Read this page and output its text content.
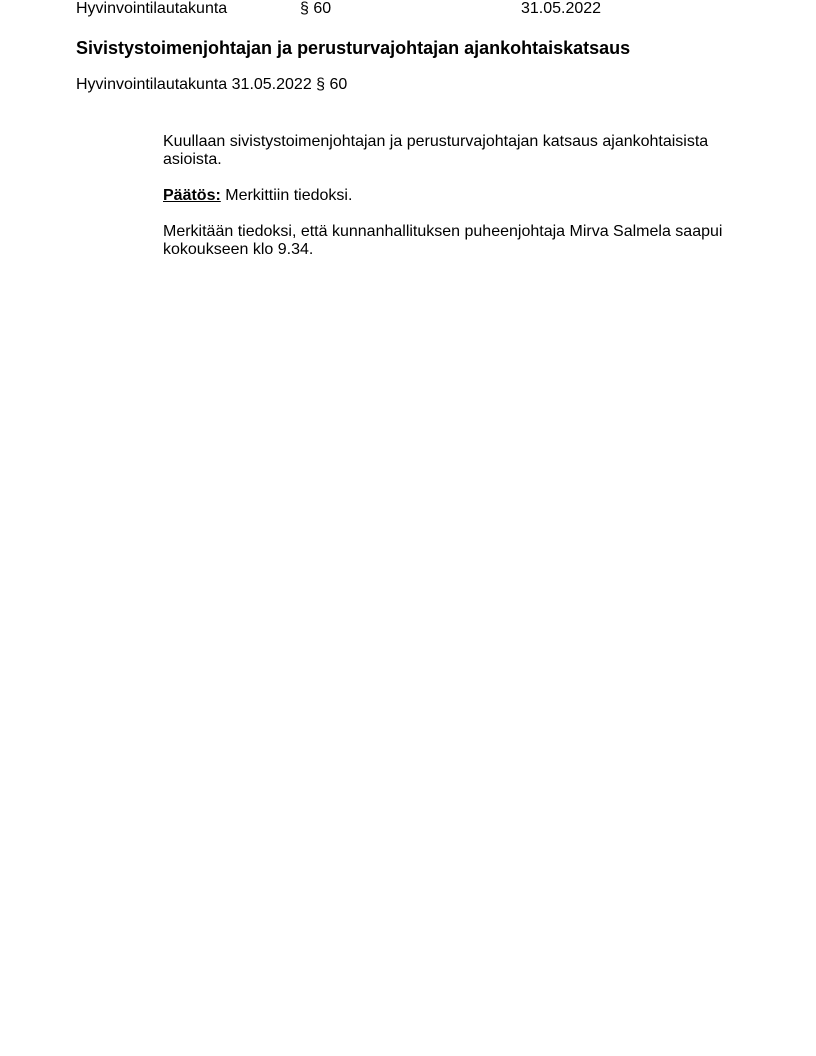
Hyvinvointilautakunta	§ 60	31.05.2022
Sivistystoimenjohtajan ja perusturvajohtajan ajankohtaiskatsaus

Hyvinvointilautakunta 31.05.2022 § 60

Kuullaan sivistystoimenjohtajan ja perusturvajohtajan katsaus ajankohtaisista asioista.

Päätös: Merkittiin tiedoksi.

Merkitään tiedoksi, että kunnanhallituksen puheenjohtaja Mirva Salmela saapui kokoukseen klo 9.34.
